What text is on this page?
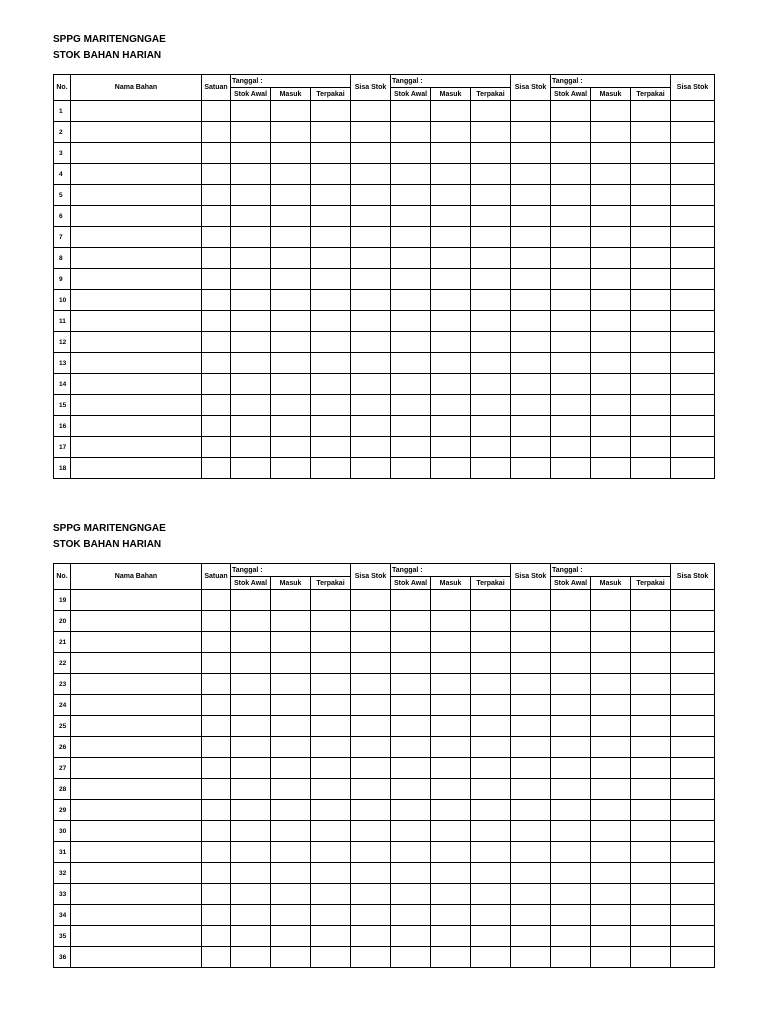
SPPG MARITENGNGAE

STOK BAHAN HARIAN

No.	Nama Bahan	Satuan	Tanggal :			Sisa Stok	Tanggal :			Sisa Stok	Tanggal :			Sisa Stok
			Stok Awal	Masuk	Terpakai		Stok Awal	Masuk	Terpakai		Stok Awal	Masuk	Terpakai	
1														
2														
3														
4														
5														
6														
7														
8														
9														
10														
11														
12														
13														
14														
15														
16														
17														
18														

SPPG MARITENGNGAE

STOK BAHAN HARIAN

No.	Nama Bahan	Satuan	Tanggal :			Sisa Stok	Tanggal :			Sisa Stok	Tanggal :			Sisa Stok
			Stok Awal	Masuk	Terpakai		Stok Awal	Masuk	Terpakai		Stok Awal	Masuk	Terpakai	
19														
20														
21														
22														
23														
24														
25														
26														
27														
28														
29														
30														
31														
32														
33														
34														
35														
36														
